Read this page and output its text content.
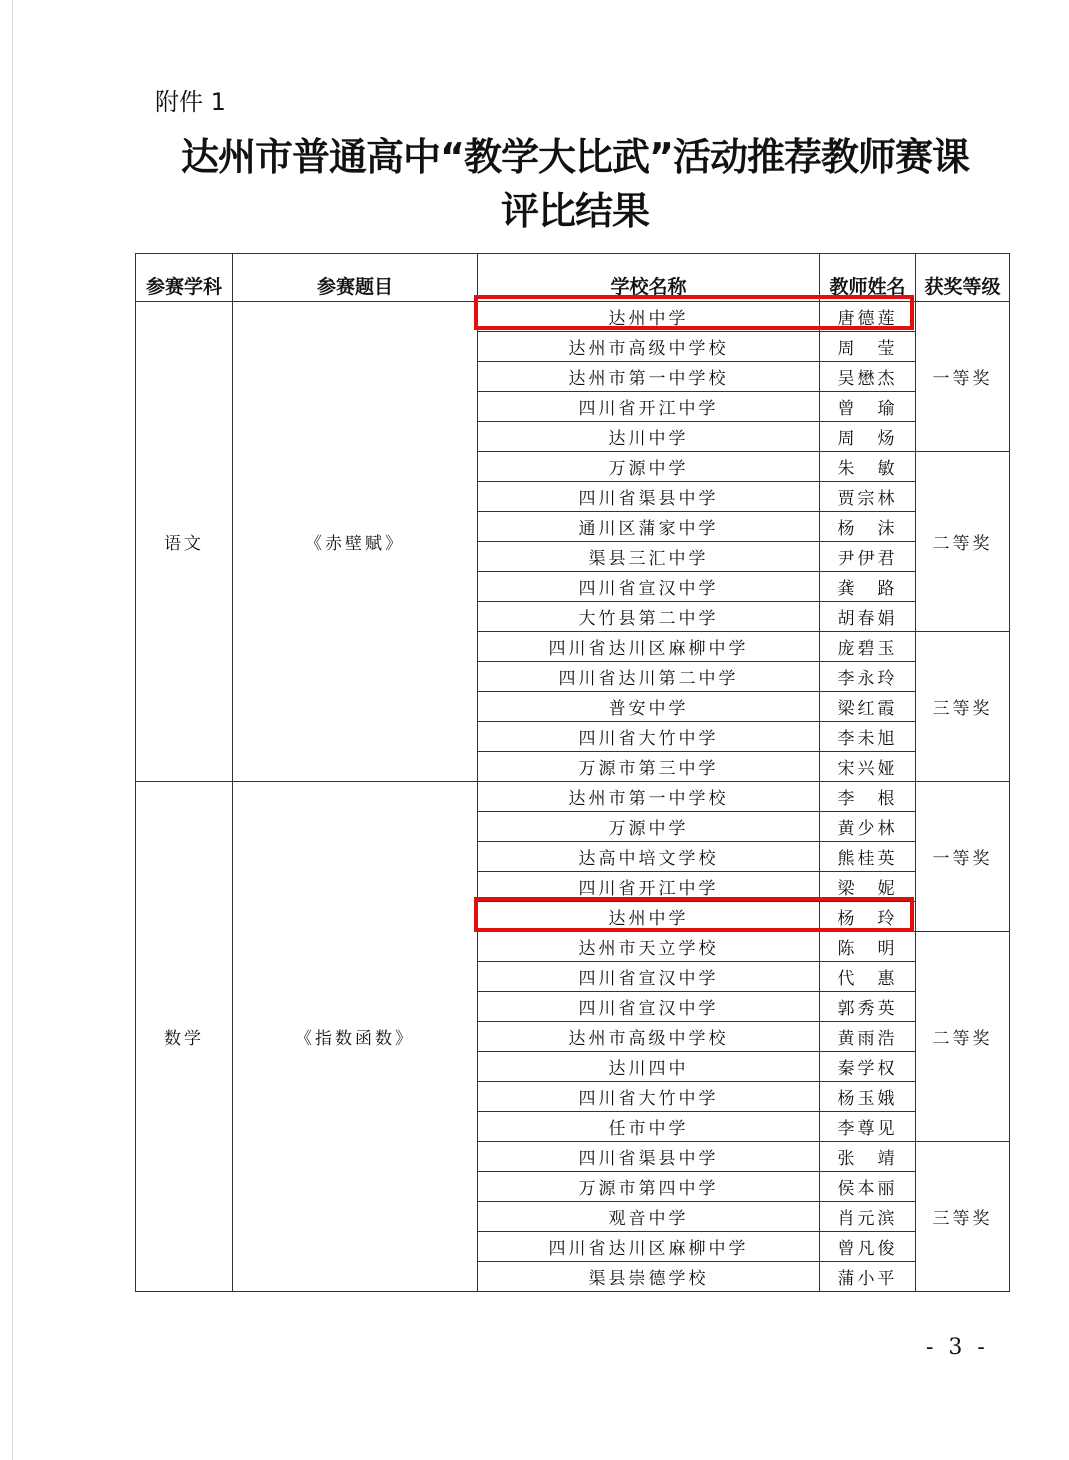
附件 1
达州市普通高中“教学大比武”活动推荐教师赛课
评比结果
参赛学科	参赛题目	学校名称	教师姓名	获奖等级
语文	《赤壁赋》	达州中学	唐德莲	一等奖
		达州市高级中学校	周　莹	
		达州市第一中学校	吴懋杰	
		四川省开江中学	曾　瑜	
		达川中学	周　炀	
		万源中学	朱　敏	二等奖
		四川省渠县中学	贾宗林	
		通川区蒲家中学	杨　沫	
		渠县三汇中学	尹伊君	
		四川省宣汉中学	龚　路	
		大竹县第二中学	胡春娟	
		四川省达川区麻柳中学	庞碧玉	三等奖
		四川省达川第二中学	李永玲	
		普安中学	梁红霞	
		四川省大竹中学	李未旭	
		万源市第三中学	宋兴娅	
数学	《指数函数》	达州市第一中学校	李　根	一等奖
		万源中学	黄少林	
		达高中培文学校	熊桂英	
		四川省开江中学	梁　妮	
		达州中学	杨　玲	
		达州市天立学校	陈　明	二等奖
		四川省宣汉中学	代　惠	
		四川省宣汉中学	郭秀英	
		达州市高级中学校	黄雨浩	
		达川四中	秦学权	
		四川省大竹中学	杨玉娥	
		任市中学	李尊见	
		四川省渠县中学	张　靖	三等奖
		万源市第四中学	侯本丽	
		观音中学	肖元滨	
		四川省达川区麻柳中学	曾凡俊	
		渠县崇德学校	蒲小平	
- 3 -
